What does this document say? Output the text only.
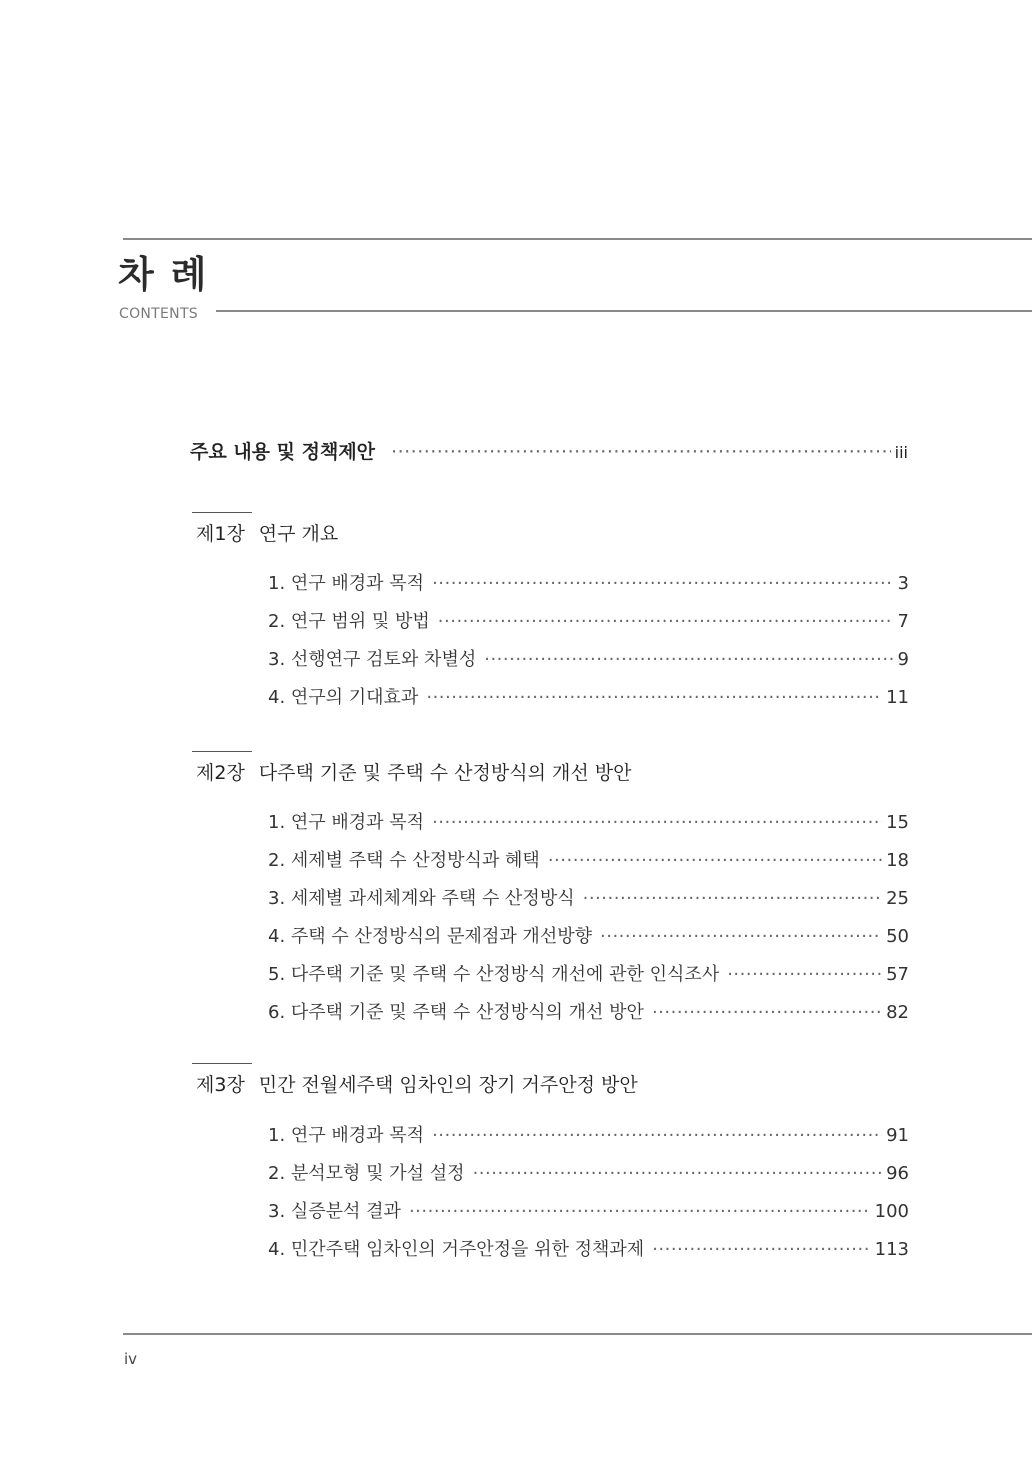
차 례
CONTENTS
주요 내용 및 정책제안 ·····	iii
제1장 연구 개요
1. 연구 배경과 목적 ·····	3
2. 연구 범위 및 방법 ·····	7
3. 선행연구 검토와 차별성 ·····	9
4. 연구의 기대효과 ·····	11
제2장 다주택 기준 및 주택 수 산정방식의 개선 방안
1. 연구 배경과 목적 ·····	15
2. 세제별 주택 수 산정방식과 혜택 ·····	18
3. 세제별 과세체계와 주택 수 산정방식 ·····	25
4. 주택 수 산정방식의 문제점과 개선방향 ·····	50
5. 다주택 기준 및 주택 수 산정방식 개선에 관한 인식조사 ·····	57
6. 다주택 기준 및 주택 수 산정방식의 개선 방안 ·····	82
제3장 민간 전월세주택 임차인의 장기 거주안정 방안
1. 연구 배경과 목적 ·····	91
2. 분석모형 및 가설 설정 ·····	96
3. 실증분석 결과 ·····	100
4. 민간주택 임차인의 거주안정을 위한 정책과제 ·····	113
iv
